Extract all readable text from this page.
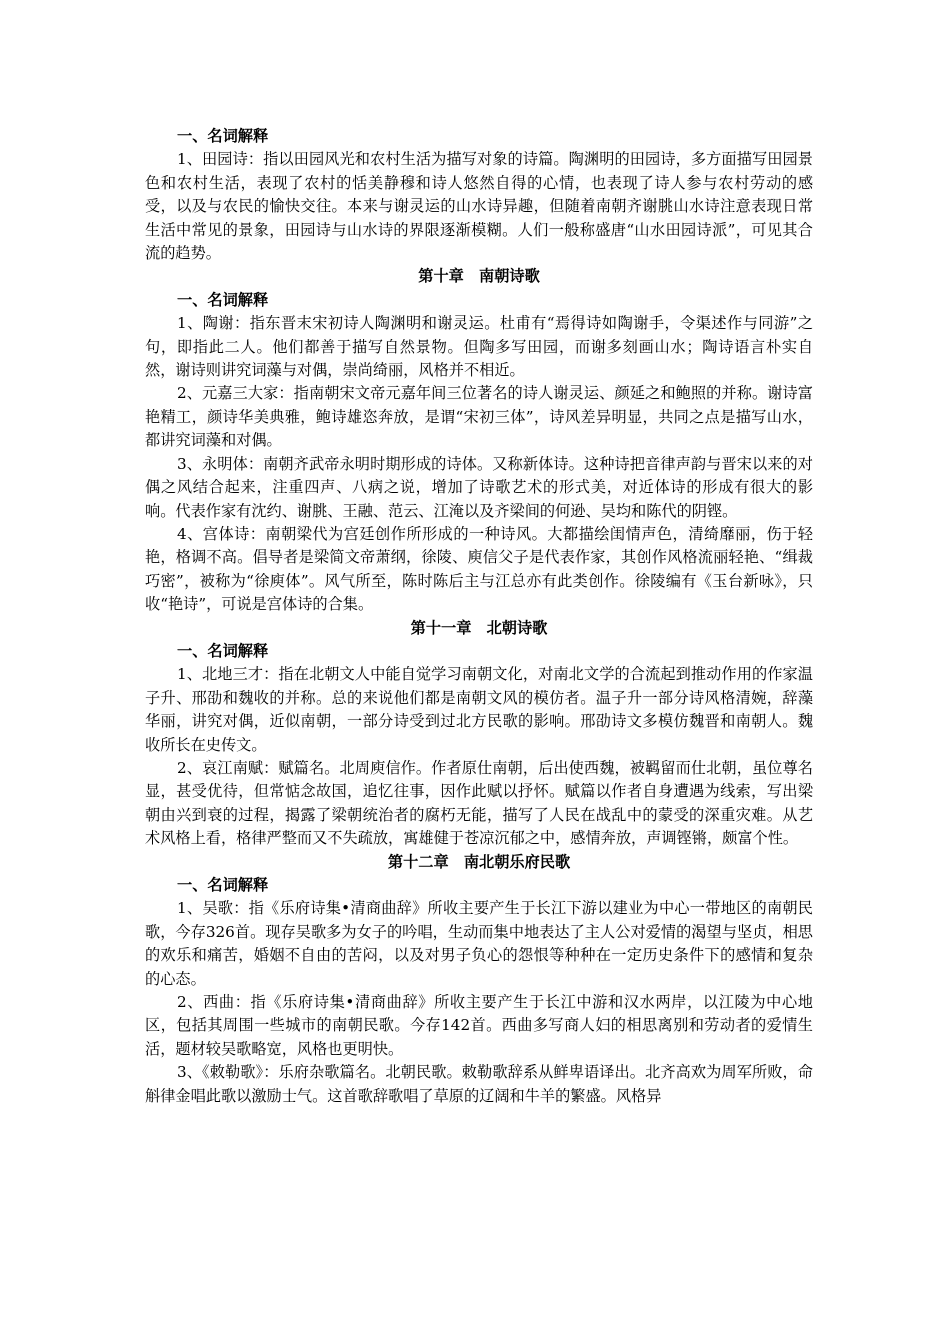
一、名词解释

1、田园诗：指以田园风光和农村生活为描写对象的诗篇。陶渊明的田园诗，多方面描写田园景色和农村生活，表现了农村的恬美静穆和诗人悠然自得的心情，也表现了诗人参与农村劳动的感受，以及与农民的愉快交往。本来与谢灵运的山水诗异趣，但随着南朝齐谢朓山水诗注意表现日常生活中常见的景象，田园诗与山水诗的界限逐渐模糊。人们一般称盛唐“山水田园诗派”，可见其合流的趋势。

第十章　南朝诗歌

一、名词解释

1、陶谢：指东晋末宋初诗人陶渊明和谢灵运。杜甫有“焉得诗如陶谢手，令渠述作与同游”之句，即指此二人。他们都善于描写自然景物。但陶多写田园，而谢多刻画山水；陶诗语言朴实自然，谢诗则讲究词藻与对偶，崇尚绮丽，风格并不相近。

2、元嘉三大家：指南朝宋文帝元嘉年间三位著名的诗人谢灵运、颜延之和鲍照的并称。谢诗富艳精工，颜诗华美典雅，鲍诗雄恣奔放，是谓“宋初三体”，诗风差异明显，共同之点是描写山水，都讲究词藻和对偶。

3、永明体：南朝齐武帝永明时期形成的诗体。又称新体诗。这种诗把音律声韵与晋宋以来的对偶之风结合起来，注重四声、八病之说，增加了诗歌艺术的形式美，对近体诗的形成有很大的影响。代表作家有沈约、谢朓、王融、范云、江淹以及齐梁间的何逊、吴均和陈代的阴铿。

4、宫体诗：南朝梁代为宫廷创作所形成的一种诗风。大都描绘闺情声色，清绮靡丽，伤于轻艳，格调不高。倡导者是梁简文帝萧纲，徐陵、庾信父子是代表作家，其创作风格流丽轻艳、“缉裁巧密”，被称为“徐庾体”。风气所至，陈时陈后主与江总亦有此类创作。徐陵编有《玉台新咏》，只收“艳诗”，可说是宫体诗的合集。

第十一章　北朝诗歌

一、名词解释

1、北地三才：指在北朝文人中能自觉学习南朝文化，对南北文学的合流起到推动作用的作家温子升、邢劭和魏收的并称。总的来说他们都是南朝文风的模仿者。温子升一部分诗风格清婉，辞藻华丽，讲究对偶，近似南朝，一部分诗受到过北方民歌的影响。邢劭诗文多模仿魏晋和南朝人。魏收所长在史传文。

2、哀江南赋：赋篇名。北周庾信作。作者原仕南朝，后出使西魏，被羁留而仕北朝，虽位尊名显，甚受优待，但常惦念故国，追忆往事，因作此赋以抒怀。赋篇以作者自身遭遇为线索，写出梁朝由兴到衰的过程，揭露了梁朝统治者的腐朽无能，描写了人民在战乱中的蒙受的深重灾难。从艺术风格上看，格律严整而又不失疏放，寓雄健于苍凉沉郁之中，感情奔放，声调铿锵，颇富个性。

第十二章　南北朝乐府民歌

一、名词解释

1、吴歌：指《乐府诗集•清商曲辞》所收主要产生于长江下游以建业为中心一带地区的南朝民歌，今存326首。现存吴歌多为女子的吟唱，生动而集中地表达了主人公对爱情的渴望与坚贞，相思的欢乐和痛苦，婚姻不自由的苦闷，以及对男子负心的怨恨等种种在一定历史条件下的感情和复杂的心态。

2、西曲：指《乐府诗集•清商曲辞》所收主要产生于长江中游和汉水两岸，以江陵为中心地区，包括其周围一些城市的南朝民歌。今存142首。西曲多写商人妇的相思离别和劳动者的爱情生活，题材较吴歌略宽，风格也更明快。

3、《敕勒歌》：乐府杂歌篇名。北朝民歌。敕勒歌辞系从鲜卑语译出。北齐高欢为周军所败，命斛律金唱此歌以激励士气。这首歌辞歌唱了草原的辽阔和牛羊的繁盛。风格异
